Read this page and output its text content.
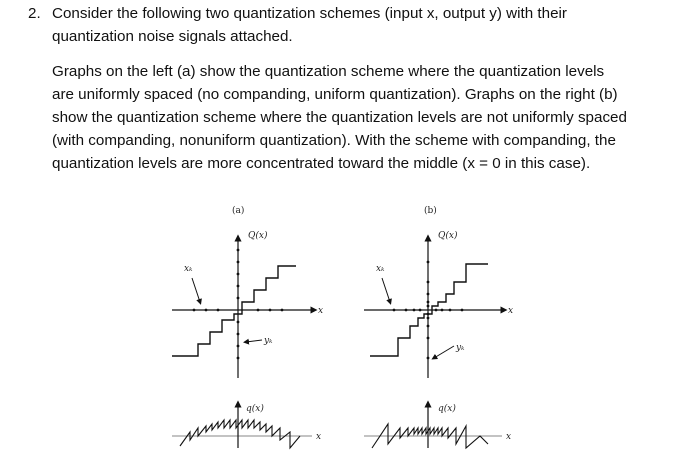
2. Consider the following two quantization schemes (input x, output y) with their
quantization noise signals attached.
Graphs on the left (a) show the quantization scheme where the quantization levels
are uniformly spaced (no companding, uniform quantization). Graphs on the right (b)
show the quantization scheme where the quantization levels are not uniformly spaced
(with companding, nonuniform quantization). With the scheme with companding, the
quantization levels are more concentrated toward the middle (x = 0 in this case).
(a)
Q(x)
xₖ
x
yₖ
q(x)
x
(b)
Q(x)
xₖ
x
yₖ
q(x)
x
